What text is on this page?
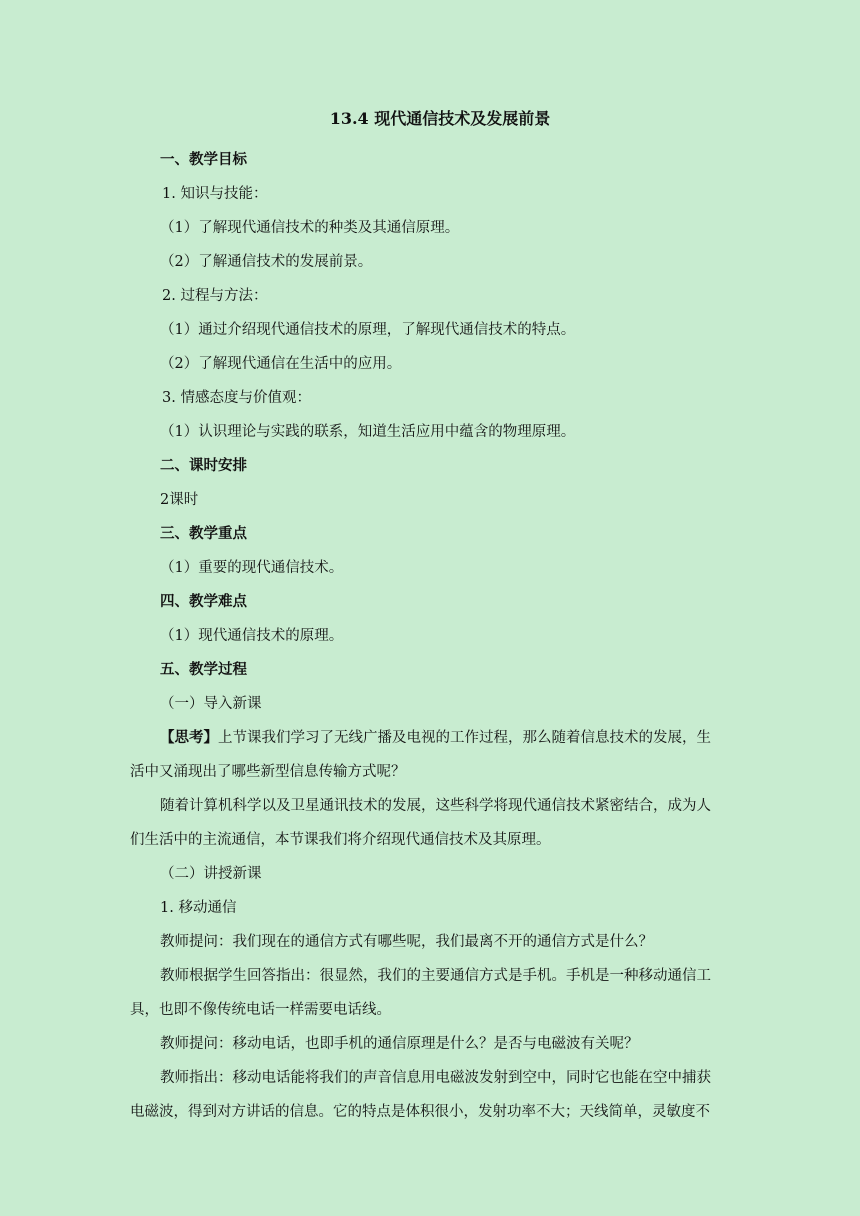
13.4 现代通信技术及发展前景
一、教学目标
1. 知识与技能：
（1）了解现代通信技术的种类及其通信原理。
（2）了解通信技术的发展前景。
2. 过程与方法：
（1）通过介绍现代通信技术的原理，了解现代通信技术的特点。
（2）了解现代通信在生活中的应用。
3. 情感态度与价值观：
（1）认识理论与实践的联系，知道生活应用中蕴含的物理原理。
二、课时安排
2课时
三、教学重点
（1）重要的现代通信技术。
四、教学难点
（1）现代通信技术的原理。
五、教学过程
（一）导入新课
【思考】上节课我们学习了无线广播及电视的工作过程，那么随着信息技术的发展，生
活中又涌现出了哪些新型信息传输方式呢？
随着计算机科学以及卫星通讯技术的发展，这些科学将现代通信技术紧密结合，成为人
们生活中的主流通信，本节课我们将介绍现代通信技术及其原理。
（二）讲授新课
1. 移动通信
教师提问：我们现在的通信方式有哪些呢，我们最离不开的通信方式是什么？
教师根据学生回答指出：很显然，我们的主要通信方式是手机。手机是一种移动通信工
具，也即不像传统电话一样需要电话线。
教师提问：移动电话，也即手机的通信原理是什么？是否与电磁波有关呢？
教师指出：移动电话能将我们的声音信息用电磁波发射到空中，同时它也能在空中捕获
电磁波，得到对方讲话的信息。它的特点是体积很小，发射功率不大；天线简单，灵敏度不
